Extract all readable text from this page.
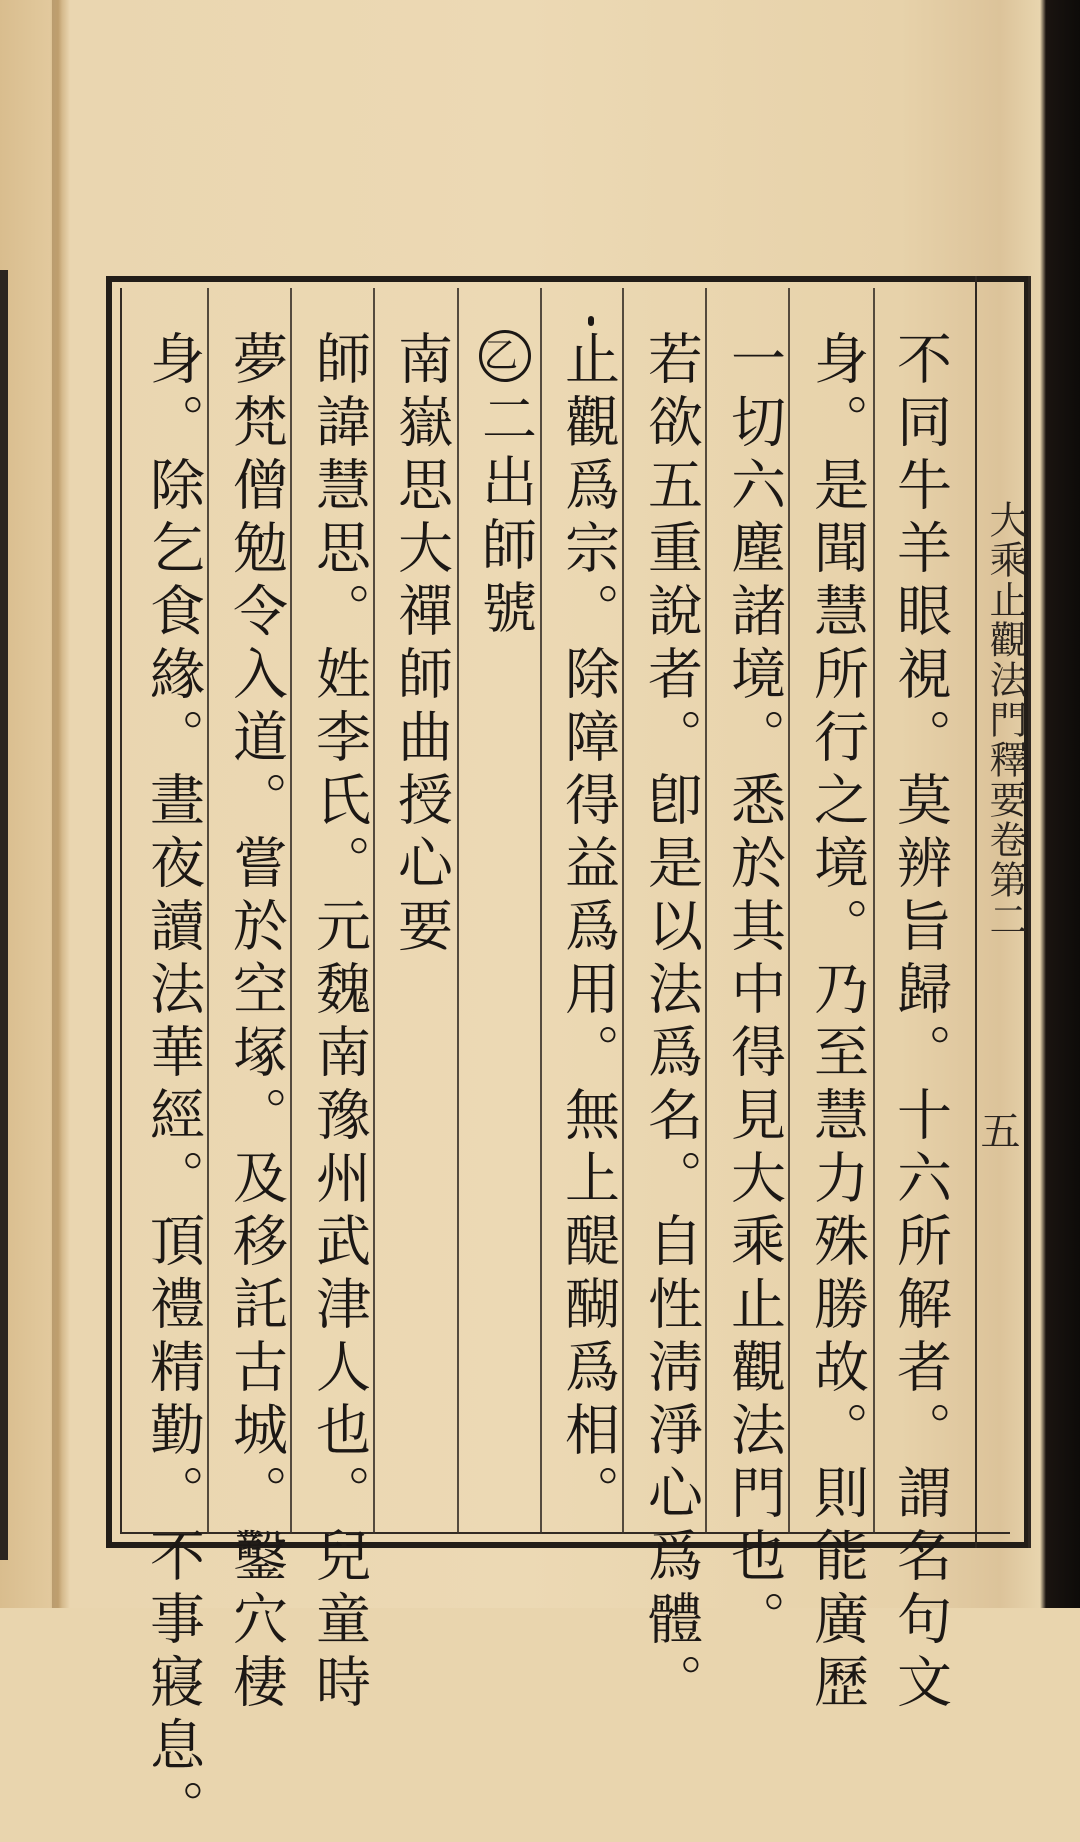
大乘止觀法門釋要卷第二
五
不同牛羊眼視。莫辨旨歸。十六所解者。謂名句文
身。是聞慧所行之境。乃至慧力殊勝故。則能廣歷
一切六塵諸境。悉於其中得見大乘止觀法門也。
若欲五重說者。卽是以法爲名。自性淸淨心爲體。
止觀爲宗。除障得益爲用。無上醍醐爲相。
乙二出師號
南嶽思大禪師曲授心要
師諱慧思。姓李氏。元魏南豫州武津人也。兒童時
夢梵僧勉令入道。嘗於空塚。及移託古城。鑿穴棲
身。除乞食緣。晝夜讀法華經。頂禮精勤。不事寢息。
